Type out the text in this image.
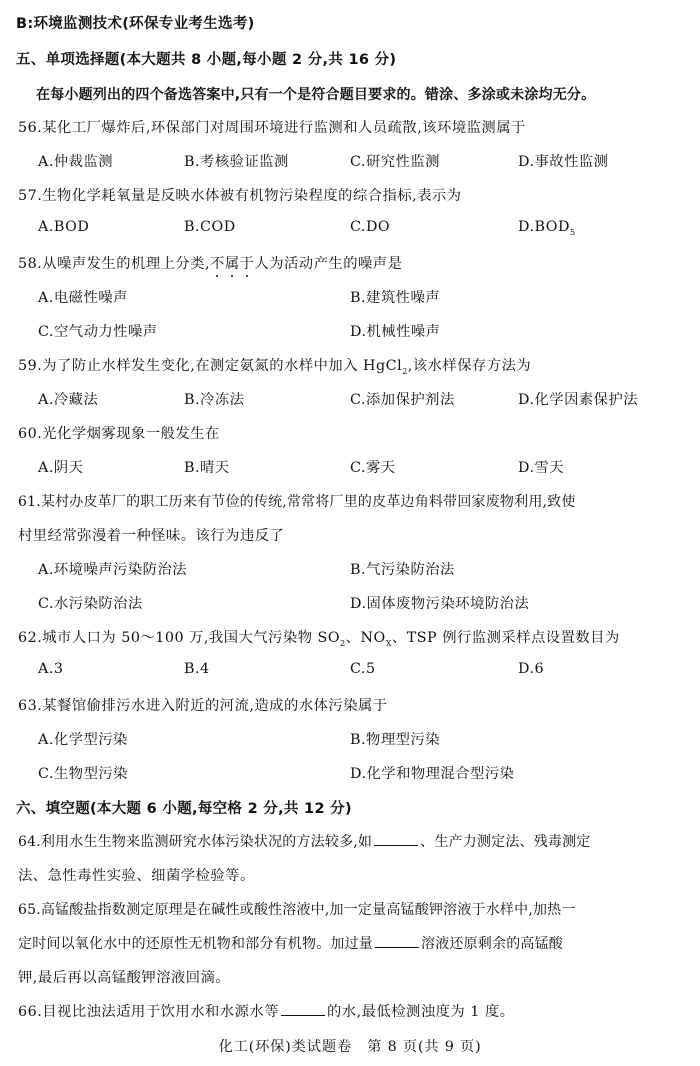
B:环境监测技术(环保专业考生选考)
五、单项选择题(本大题共 8 小题,每小题 2 分,共 16 分)
在每小题列出的四个备选答案中,只有一个是符合题目要求的。错涂、多涂或未涂均无分。
56.某化工厂爆炸后,环保部门对周围环境进行监测和人员疏散,该环境监测属于
A.仲裁监测	B.考核验证监测	C.研究性监测	D.事故性监测
57.生物化学耗氧量是反映水体被有机物污染程度的综合指标,表示为
A.BOD	B.COD	C.DO	$D.BOD_5$
58.从噪声发生的机理上分类,不属于人为活动产生的噪声是
A.电磁性噪声	B.建筑性噪声
C.空气动力性噪声	D.机械性噪声
59.为了防止水样发生变化,在测定氨氮的水样中加入 HgCl$_2$,该水样保存方法为
A.冷藏法	B.冷冻法	C.添加保护剂法	D.化学因素保护法
60.光化学烟雾现象一般发生在
A.阴天	B.晴天	C.雾天	D.雪天
61.某村办皮革厂的职工历来有节俭的传统,常常将厂里的皮革边角料带回家废物利用,致使
村里经常弥漫着一种怪味。该行为违反了
A.环境噪声污染防治法	B.气污染防治法
C.水污染防治法	D.固体废物污染环境防治法
62.城市人口为 50～100 万,我国大气污染物 $SO_2$、$NO_X$、TSP 例行监测采样点设置数目为
A.3	B.4	C.5	D.6
63.某餐馆偷排污水进入附近的河流,造成的水体污染属于
A.化学型污染	B.物理型污染
C.生物型污染	D.化学和物理混合型污染
六、填空题(本大题 6 小题,每空格 2 分,共 12 分)
64.利用水生生物来监测研究水体污染状况的方法较多,如	、生产力测定法、残毒测定
法、急性毒性实验、细菌学检验等。
65.高锰酸盐指数测定原理是在碱性或酸性溶液中,加一定量高锰酸钾溶液于水样中,加热一
定时间以氧化水中的还原性无机物和部分有机物。加过量	溶液还原剩余的高锰酸
钾,最后再以高锰酸钾溶液回滴。
66.目视比浊法适用于饮用水和水源水等	的水,最低检测浊度为 1 度。
化工(环保)类试题卷　第 8 页(共 9 页)
